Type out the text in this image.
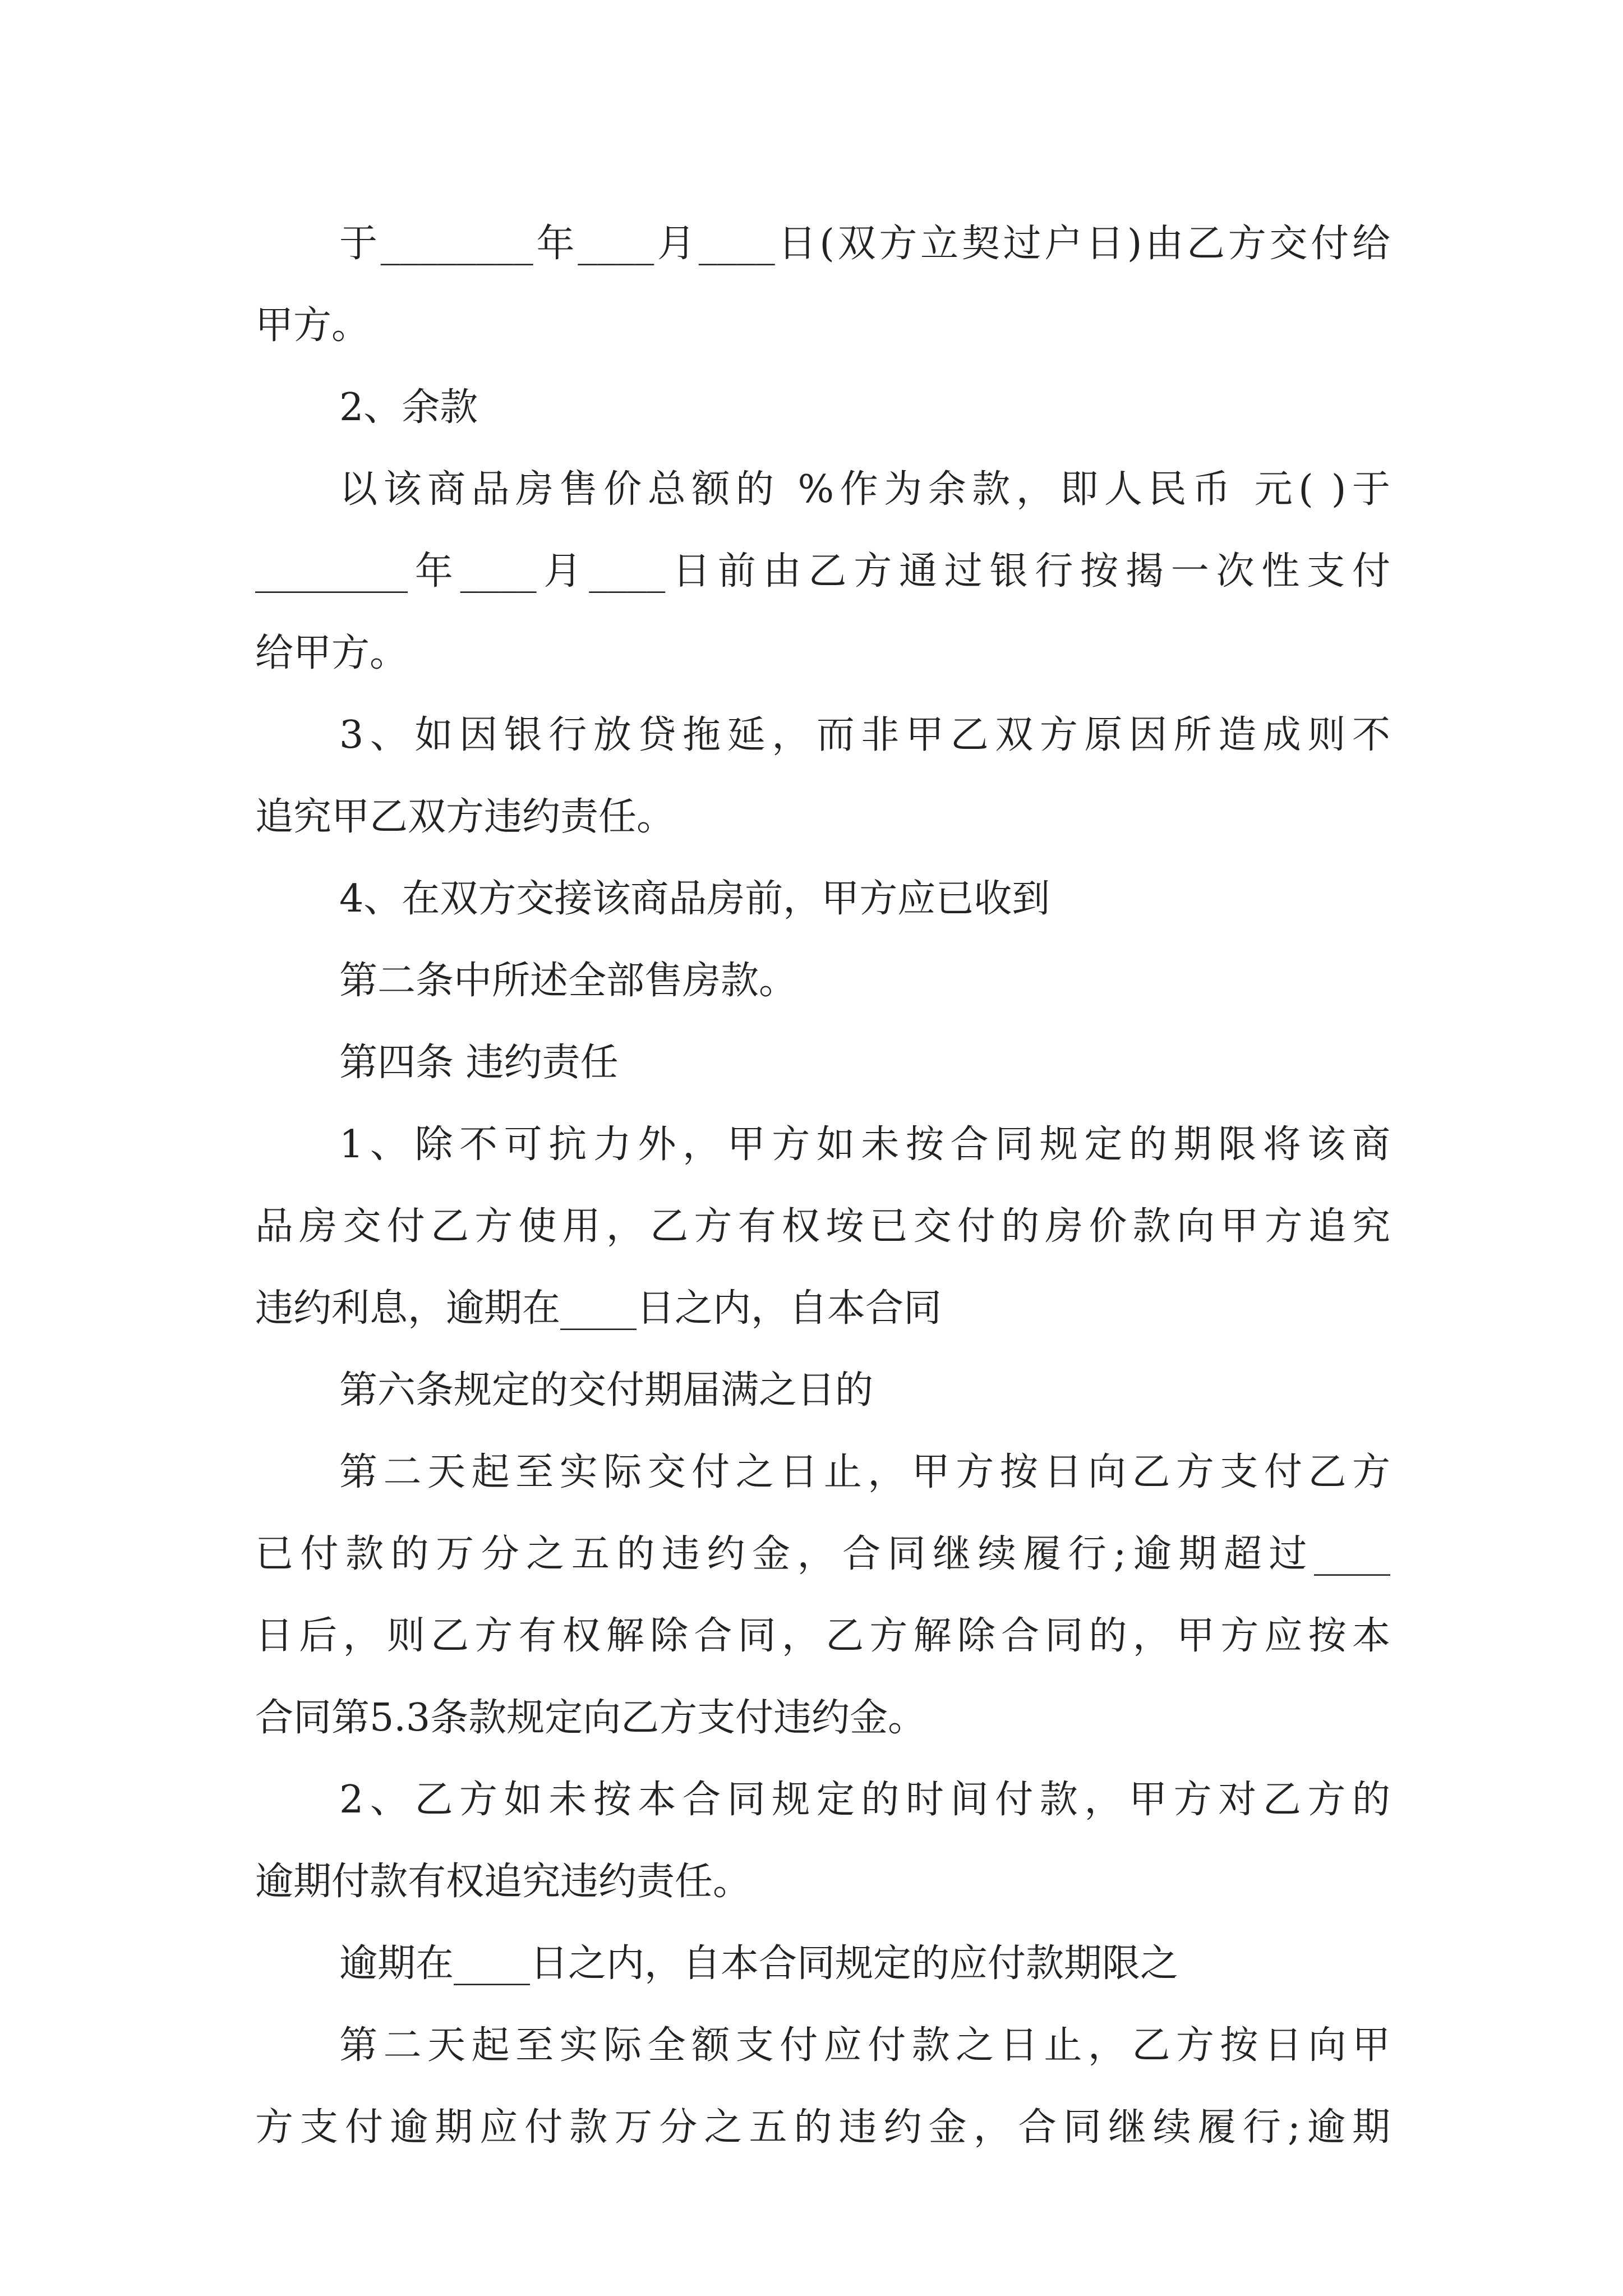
于________年____月____日(双方立契过户日)由乙方交付给
甲方。
2、余款
以该商品房售价总额的 %作为余款，即人民币 元( )于
________年____月____日前由乙方通过银行按揭一次性支付
给甲方。
3、如因银行放贷拖延，而非甲乙双方原因所造成则不
追究甲乙双方违约责任。
4、在双方交接该商品房前，甲方应已收到
第二条中所述全部售房款。
第四条 违约责任
1、除不可抗力外，甲方如未按合同规定的期限将该商
品房交付乙方使用，乙方有权垵已交付的房价款向甲方追究
违约利息，逾期在____日之内，自本合同
第六条规定的交付期届满之日的
第二天起至实际交付之日止，甲方按日向乙方支付乙方
已付款的万分之五的违约金，合同继续履行;逾期超过____
日后，则乙方有权解除合同，乙方解除合同的，甲方应按本
合同第5.3条款规定向乙方支付违约金。
2、乙方如未按本合同规定的时间付款，甲方对乙方的
逾期付款有权追究违约责任。
逾期在____日之内，自本合同规定的应付款期限之
第二天起至实际全额支付应付款之日止，乙方按日向甲
方支付逾期应付款万分之五的违约金，合同继续履行;逾期
